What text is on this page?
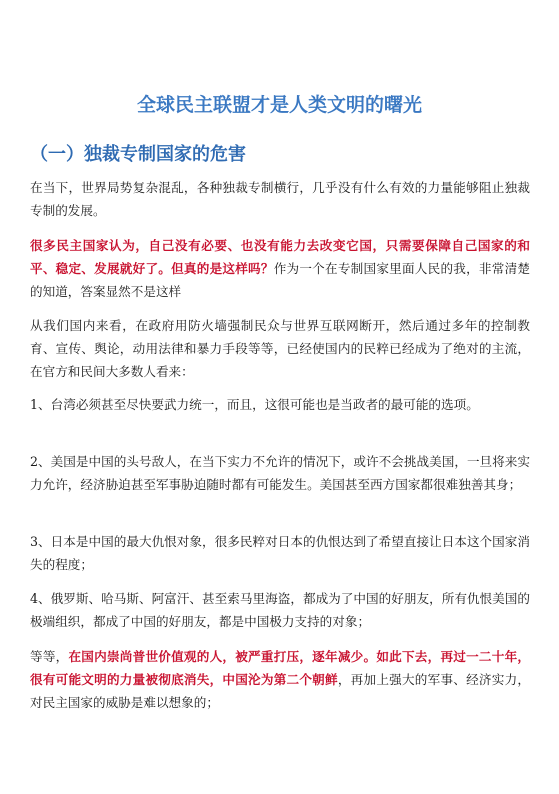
全球民主联盟才是人类文明的曙光
（一）独裁专制国家的危害

在当下，世界局势复杂混乱，各种独裁专制横行，几乎没有什么有效的力量能够阻止独裁专制的发展。

很多民主国家认为，自己没有必要、也没有能力去改变它国，只需要保障自己国家的和平、稳定、发展就好了。但真的是这样吗？作为一个在专制国家里面人民的我，非常清楚的知道，答案显然不是这样

从我们国内来看，在政府用防火墙强制民众与世界互联网断开，然后通过多年的控制教育、宣传、舆论，动用法律和暴力手段等等，已经使国内的民粹已经成为了绝对的主流，在官方和民间大多数人看来：

1、台湾必须甚至尽快要武力统一，而且，这很可能也是当政者的最可能的选项。

2、美国是中国的头号敌人，在当下实力不允许的情况下，或许不会挑战美国，一旦将来实力允许，经济胁迫甚至军事胁迫随时都有可能发生。美国甚至西方国家都很难独善其身；

3、日本是中国的最大仇恨对象，很多民粹对日本的仇恨达到了希望直接让日本这个国家消失的程度；

4、俄罗斯、哈马斯、阿富汗、甚至索马里海盗，都成为了中国的好朋友，所有仇恨美国的极端组织，都成了中国的好朋友，都是中国极力支持的对象；

等等，在国内崇尚普世价值观的人，被严重打压，逐年减少。如此下去，再过一二十年，很有可能文明的力量被彻底消失，中国沦为第二个朝鲜，再加上强大的军事、经济实力，对民主国家的威胁是难以想象的；
